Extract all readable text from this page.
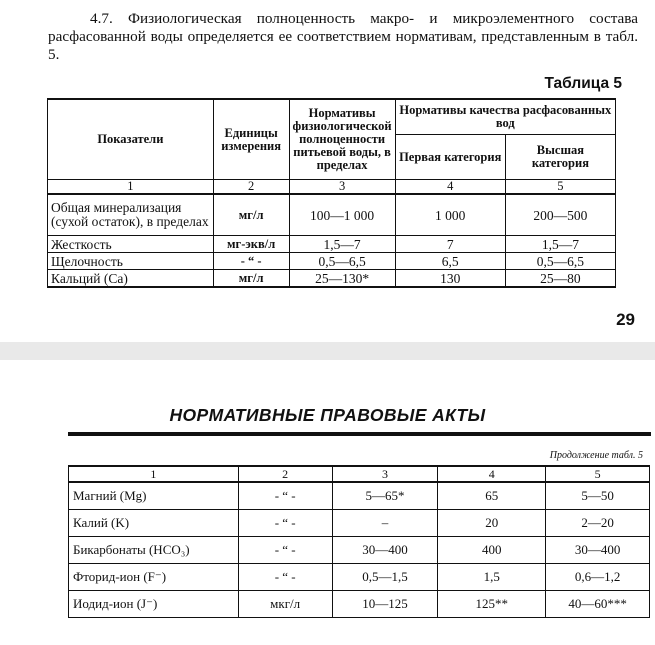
4.7. Физиологическая полноценность макро- и микроэлементного состава расфасованной воды определяется ее соответствием нормативам, представленным в табл. 5.

Таблица 5
Показатели	Единицы измерения	Нормативы физиологической полноценности питьевой воды, в пределах	Нормативы качества расфасованных вод	
			Первая категория	Высшая категория
1	2	3	4	5
Общая минерализация (сухой остаток), в пределах	мг/л	100—1 000	1 000	200—500
Жесткость	мг-экв/л	1,5—7	7	1,5—7
Щелочность	- “ -	0,5—6,5	6,5	0,5—6,5
Кальций (Ca)	мг/л	25—130*	130	25—80
29
НОРМАТИВНЫЕ ПРАВОВЫЕ АКТЫ
Продолжение табл. 5
1	2	3	4	5
Магний (Mg)	- “ -	5—65*	65	5—50
Калий (K)	- “ -	–	20	2—20
Бикарбонаты (HCO₃)	- “ -	30—400	400	30—400
Фторид-ион (F⁻)	- “ -	0,5—1,5	1,5	0,6—1,2
Иодид-ион (J⁻)	мкг/л	10—125	125**	40—60***
